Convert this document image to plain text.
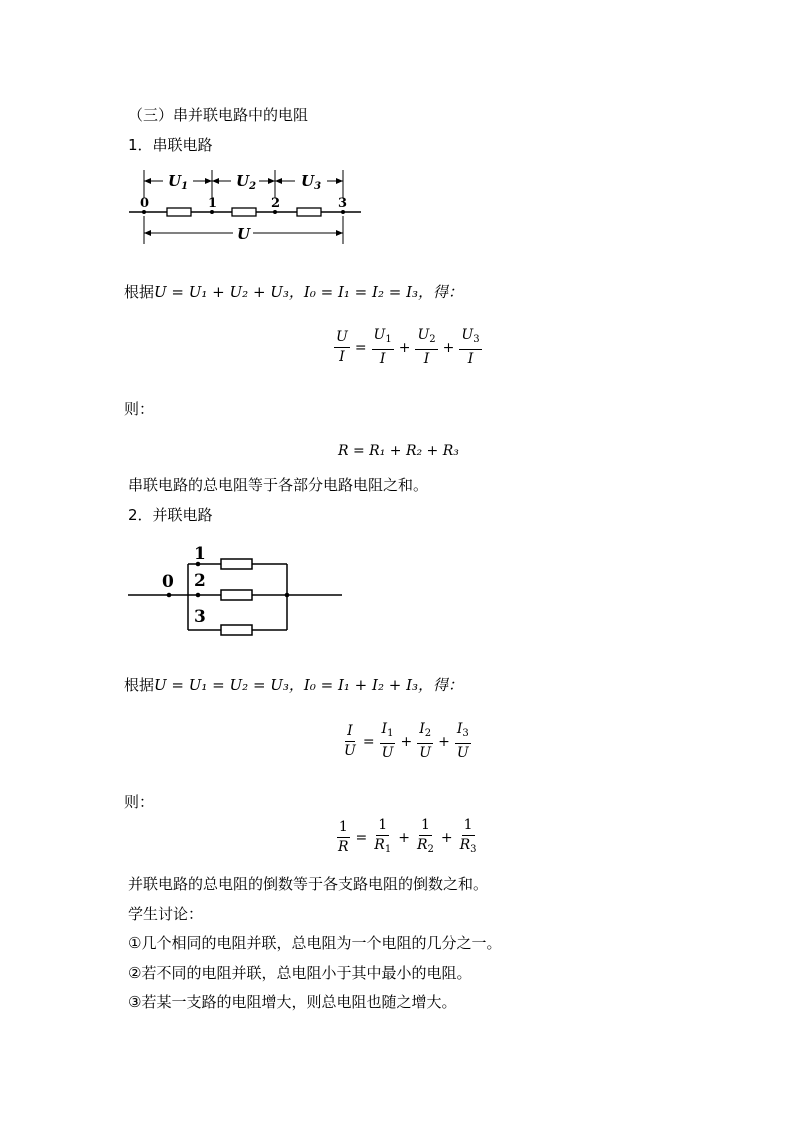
（三）串并联电路中的电阻
1．串联电路
$U_1$	$U_2$	$U_3$
0	1	2	3
U
根据U = U₁ + U₂ + U₃，I₀ = I₁ = I₂ = I₃，得：
$\frac{U}{I} = \frac{U_1}{I} + \frac{U_2}{I} + \frac{U_3}{I}$
则：
R = R₁ + R₂ + R₃
串联电路的总电阻等于各部分电路电阻之和。
2．并联电路
0
1
2
3
根据U = U₁ = U₂ = U₃，I₀ = I₁ + I₂ + I₃，得：
$\frac{I}{U} = \frac{I_1}{U} + \frac{I_2}{U} + \frac{I_3}{U}$
则：
$\frac{1}{R} = \frac{1}{R_1} + \frac{1}{R_2} + \frac{1}{R_3}$
并联电路的总电阻的倒数等于各支路电阻的倒数之和。
学生讨论：
①几个相同的电阻并联，总电阻为一个电阻的几分之一。
②若不同的电阻并联，总电阻小于其中最小的电阻。
③若某一支路的电阻增大，则总电阻也随之增大。
